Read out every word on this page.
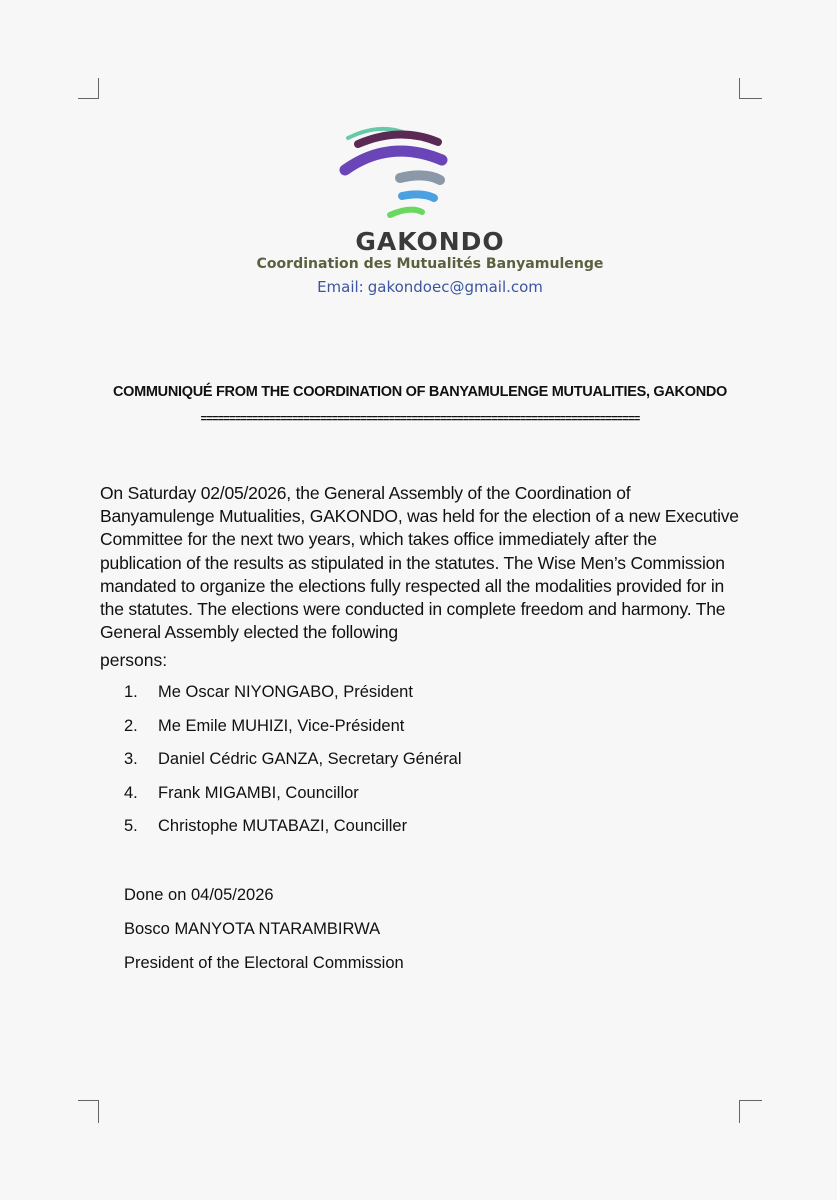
GAKONDO
Coordination des Mutualités Banyamulenge
Email: gakondoec@gmail.com
COMMUNIQUÉ FROM THE COORDINATION OF BANYAMULENGE MUTUALITIES, GAKONDO
=============================================================================
On Saturday 02/05/2026, the General Assembly of the Coordination of Banyamulenge Mutualities, GAKONDO, was held for the election of a new Executive Committee for the next two years, which takes office immediately after the publication of the results as stipulated in the statutes. The Wise Men’s Commission mandated to organize the elections fully respected all the modalities provided for in the statutes. The elections were conducted in complete freedom and harmony. The General Assembly elected the following
persons:
1.	Me Oscar NIYONGABO, Président
2.	Me Emile MUHIZI, Vice-Président
3.	Daniel Cédric GANZA, Secretary Général
4.	Frank MIGAMBI, Councillor
5.	Christophe MUTABAZI, Counciller
Done on 04/05/2026
Bosco MANYOTA NTARAMBIRWA
President of the Electoral Commission
